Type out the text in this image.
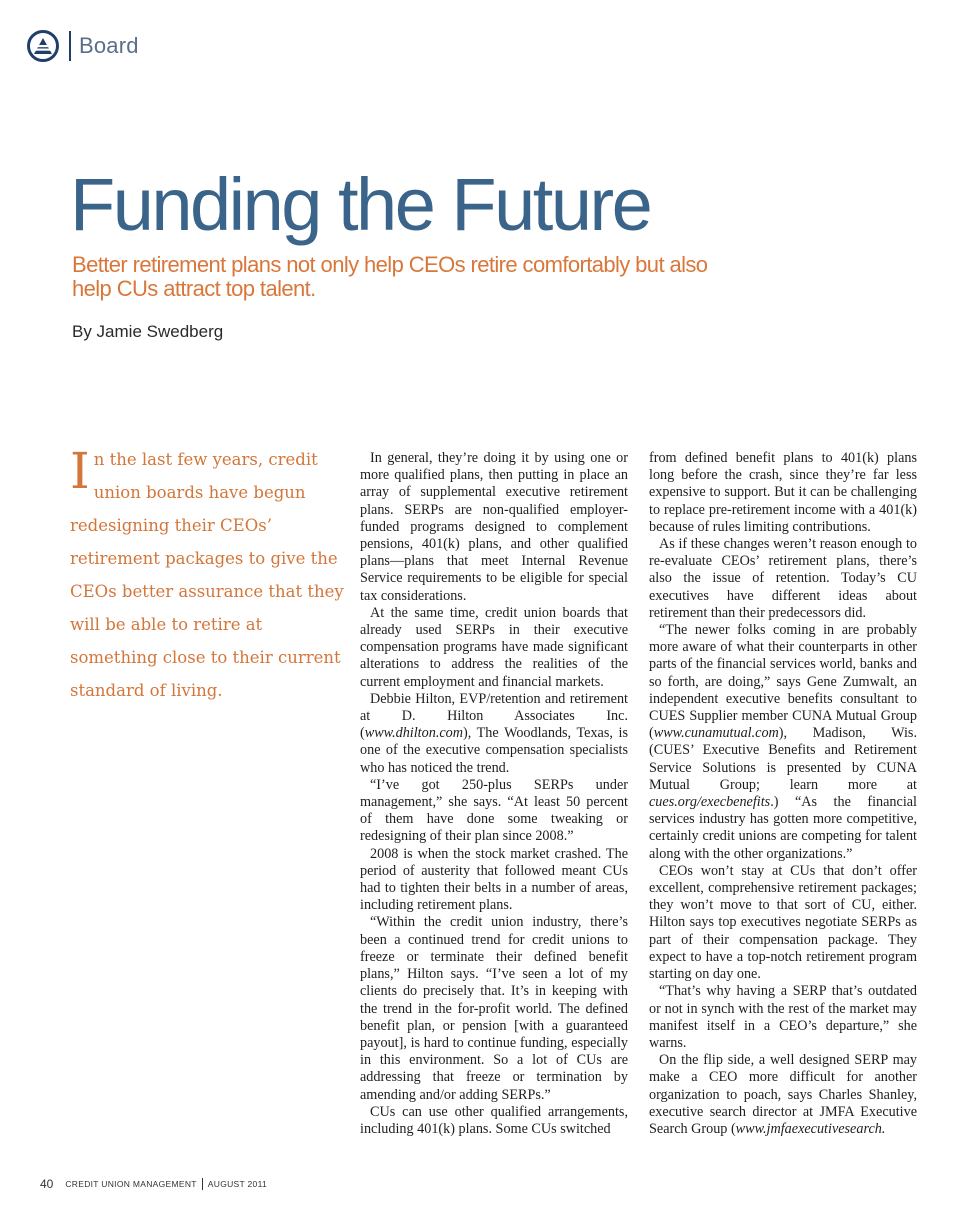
Board
Funding the Future

Better retirement plans not only help CEOs retire comfortably but also help CUs attract top talent.

By Jamie Swedberg

In the last few years, credit union boards have begun redesigning their CEOs’ retirement packages to give the CEOs better assurance that they will be able to retire at something close to their current standard of living.

In general, they’re doing it by using one or more qualified plans, then putting in place an array of supplemental executive retirement plans. SERPs are non-qualified employer-funded programs designed to complement pensions, 401(k) plans, and other qualified plans—plans that meet Internal Revenue Service requirements to be eligible for special tax considerations.

At the same time, credit union boards that already used SERPs in their executive compensation programs have made significant alterations to address the realities of the current employment and financial markets.

Debbie Hilton, EVP/retention and retirement at D. Hilton Associates Inc. (www.dhilton.com), The Woodlands, Texas, is one of the executive compensation specialists who has noticed the trend.

“I’ve got 250-plus SERPs under management,” she says. “At least 50 percent of them have done some tweaking or redesigning of their plan since 2008.”

2008 is when the stock market crashed. The period of austerity that followed meant CUs had to tighten their belts in a number of areas, including retirement plans.

“Within the credit union industry, there’s been a continued trend for credit unions to freeze or terminate their defined benefit plans,” Hilton says. “I’ve seen a lot of my clients do precisely that. It’s in keeping with the trend in the for-profit world. The defined benefit plan, or pension [with a guaranteed payout], is hard to continue funding, especially in this environment. So a lot of CUs are addressing that freeze or termination by amending and/or adding SERPs.”

CUs can use other qualified arrangements, including 401(k) plans. Some CUs switched

from defined benefit plans to 401(k) plans long before the crash, since they’re far less expensive to support. But it can be challenging to replace pre-retirement income with a 401(k) because of rules limiting contributions.

As if these changes weren’t reason enough to re-evaluate CEOs’ retirement plans, there’s also the issue of retention. Today’s CU executives have different ideas about retirement than their predecessors did.

“The newer folks coming in are probably more aware of what their counterparts in other parts of the financial services world, banks and so forth, are doing,” says Gene Zumwalt, an independent executive benefits consultant to CUES Supplier member CUNA Mutual Group (www.cunamutual.com), Madison, Wis. (CUES’ Executive Benefits and Retirement Service Solutions is presented by CUNA Mutual Group; learn more at cues.org/execbenefits.) “As the financial services industry has gotten more competitive, certainly credit unions are competing for talent along with the other organizations.”

CEOs won’t stay at CUs that don’t offer excellent, comprehensive retirement packages; they won’t move to that sort of CU, either. Hilton says top executives negotiate SERPs as part of their compensation package. They expect to have a top-notch retirement program starting on day one.

“That’s why having a SERP that’s outdated or not in synch with the rest of the market may manifest itself in a CEO’s departure,” she warns.

On the flip side, a well designed SERP may make a CEO more difficult for another organization to poach, says Charles Shanley, executive search director at JMFA Executive Search Group (www.jmfaexecutivesearch.

40 CREDIT UNION MANAGEMENT AUGUST 2011
